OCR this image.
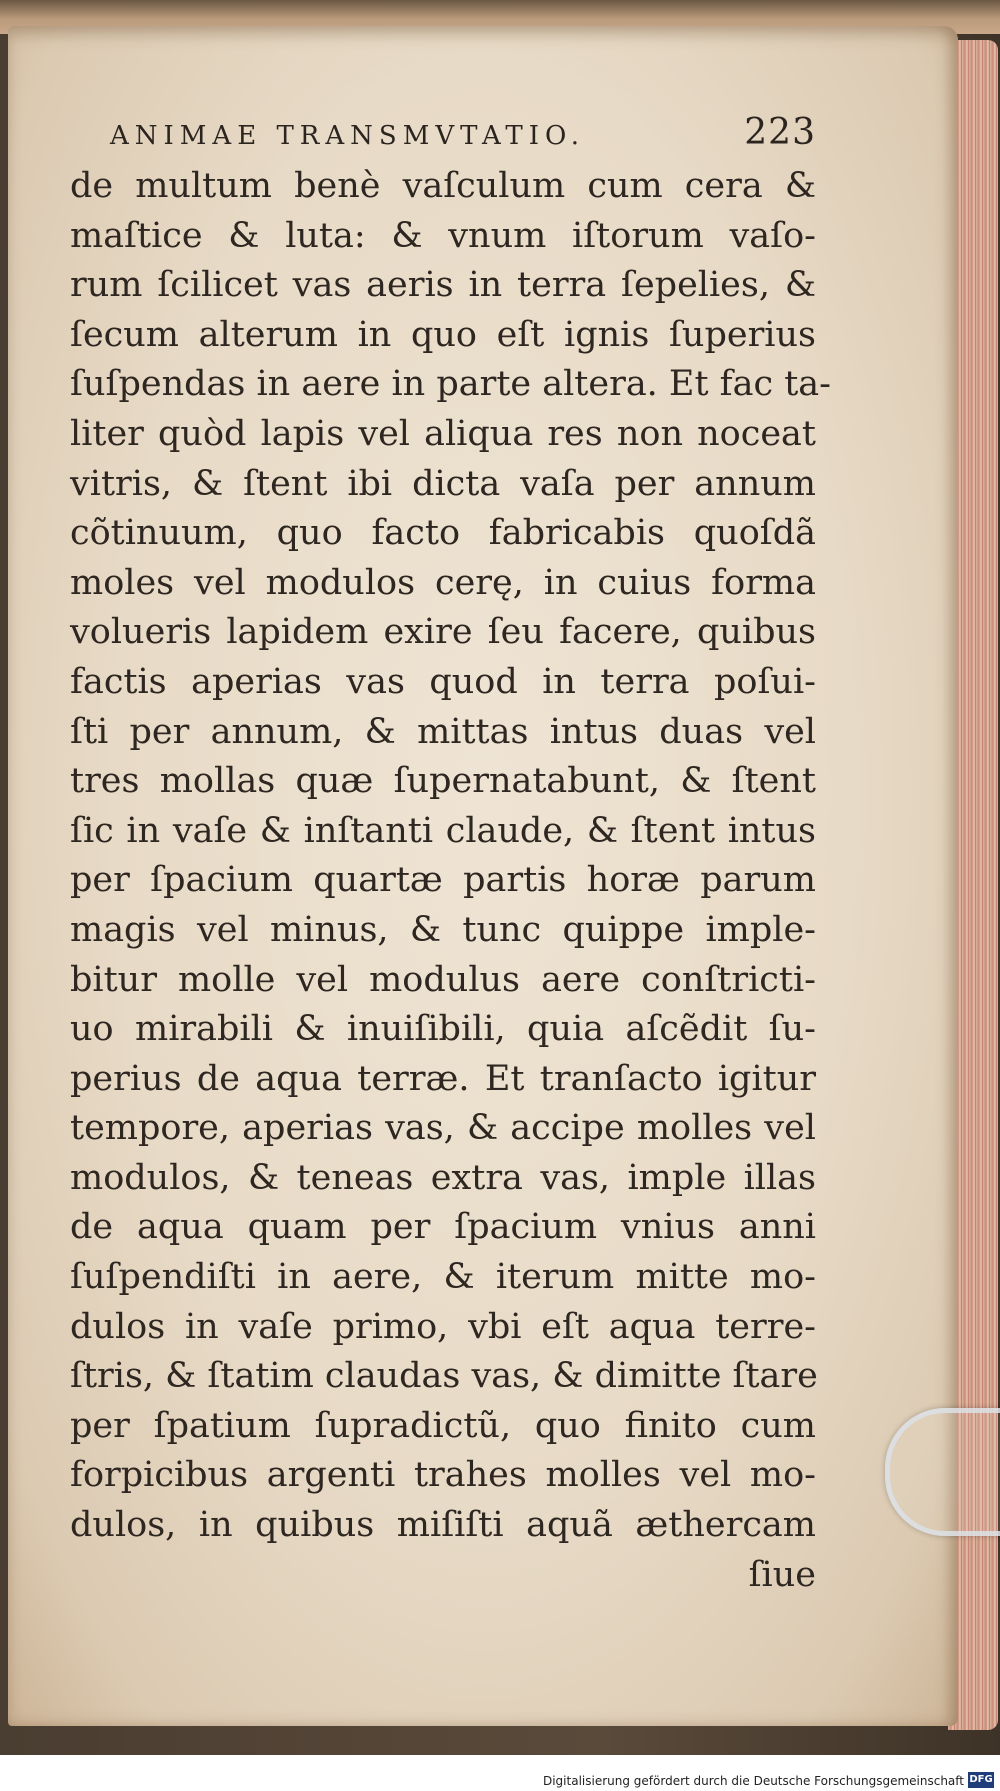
ANIMAE TRANSMVTATIO.	223
de multum benè vaſculum cum cera &
maſtice & luta: & vnum iſtorum vaſo-
rum ſcilicet vas aeris in terra ſepelies, &
ſecum alterum in quo eſt ignis ſuperius
ſuſpendas in aere in parte altera. Et fac ta-
liter quòd lapis vel aliqua res non noceat
vitris, & ſtent ibi dicta vaſa per annum
cõtinuum, quo facto fabricabis quoſdã
moles vel modulos cerę, in cuius forma
volueris lapidem exire ſeu facere, quibus
factis aperias vas quod in terra poſui-
ſti per annum, & mittas intus duas vel
tres mollas quæ ſupernatabunt, & ſtent
ſic in vaſe & inſtanti claude, & ſtent intus
per ſpacium quartæ partis horæ parum
magis vel minus, & tunc quippe imple-
bitur molle vel modulus aere conſtricti-
uo mirabili & inuiſibili, quia aſcẽdit ſu-
perius de aqua terræ. Et tranſacto igitur
tempore, aperias vas, & accipe molles vel
modulos, & teneas extra vas, imple illas
de aqua quam per ſpacium vnius anni
ſuſpendiſti in aere, & iterum mitte mo-
dulos in vaſe primo, vbi eſt aqua terre-
ſtris, & ſtatim claudas vas, & dimitte ſtare
per ſpatium ſupradictũ, quo finito cum
forpicibus argenti trahes molles vel mo-
dulos, in quibus miſiſti aquã æthercam
ſiue
Digitalisierung gefördert durch die Deutsche Forschungsgemeinschaft DFG
